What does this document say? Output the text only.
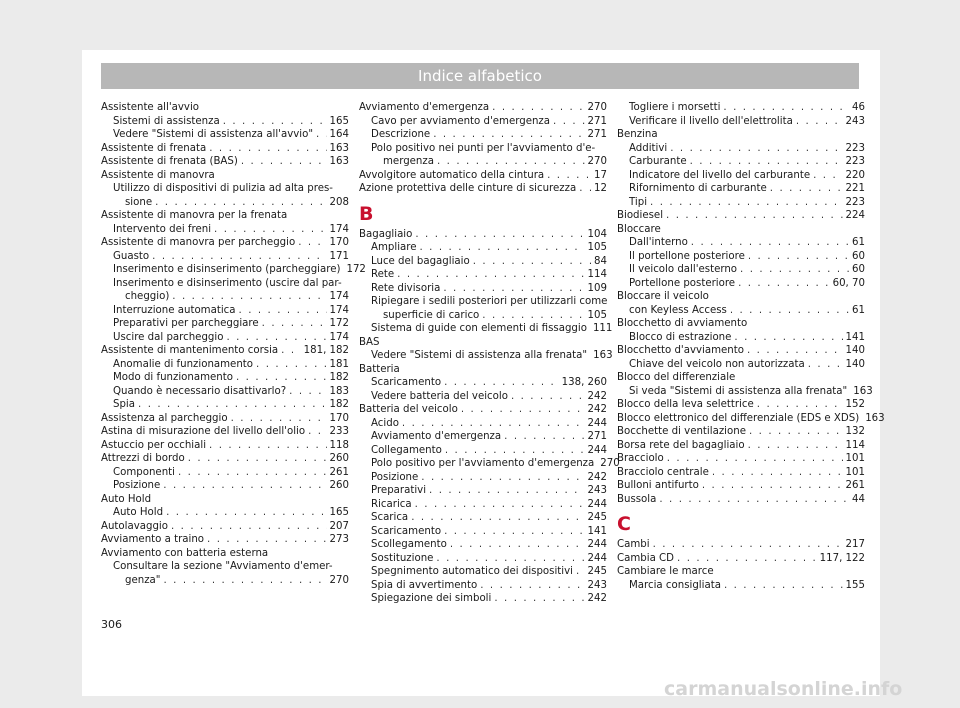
Indice alfabetico
Assistente all'avvio
Sistemi di assistenza . . .	165
Vedere "Sistemi di assistenza all'avvio" . . . 164
Assistente di frenata . . .	163
Assistente di frenata (BAS) . . .	163
Assistente di manovra
Utilizzo di dispositivi di pulizia ad alta pres-
sione . . .	208
Assistente di manovra per la frenata
Intervento dei freni . . .	174
Assistente di manovra per parcheggio . . .	170
Guasto . . .	171
Inserimento e disinserimento (parcheggiare) 172
Inserimento e disinserimento (uscire dal par-
cheggio) . . .	174
Interruzione automatica . . .	174
Preparativi per parcheggiare . . .	172
Uscire dal parcheggio . . .	174
Assistente di mantenimento corsia . . . 181, 182
Anomalie di funzionamento . . .	181
Modo di funzionamento . . .	182
Quando è necessario disattivarlo? . . .	183
Spia . . .	182
Assistenza al parcheggio . . .	170
Astina di misurazione del livello dell'olio . . . 233
Astuccio per occhiali . . .	118
Attrezzi di bordo . . .	260
Componenti . . .	261
Posizione . . .	260
Auto Hold
Auto Hold . . .	165
Autolavaggio . . .	207
Avviamento a traino . . .	273
Avviamento con batteria esterna
Consultare la sezione "Avviamento d'emer-
genza" . . .	270
Avviamento d'emergenza . . .	270
Cavo per avviamento d'emergenza . . .	271
Descrizione . . .	271
Polo positivo nei punti per l'avviamento d'e-
mergenza . . .	270
Avvolgitore automatico della cintura . . .	17
Azione protettiva delle cinture di sicurezza . . . 12
B
Bagagliaio . . .	104
Ampliare . . .	105
Luce del bagagliaio . . .	84
Rete . . .	114
Rete divisoria . . .	109
Ripiegare i sedili posteriori per utilizzarli come
superficie di carico . . .	105
Sistema di guide con elementi di fissaggio 111
BAS
Vedere "Sistemi di assistenza alla frenata" 163
Batteria
Scaricamento . . .	138, 260
Vedere batteria del veicolo . . .	242
Batteria del veicolo . . .	242
Acido . . .	244
Avviamento d'emergenza . . .	271
Collegamento . . .	244
Polo positivo per l'avviamento d'emergenza 270
Posizione . . .	242
Preparativi . . .	243
Ricarica . . .	244
Scarica . . .	245
Scaricamento . . .	141
Scollegamento . . .	244
Sostituzione . . .	244
Spegnimento automatico dei dispositivi . . . 245
Spia di avvertimento . . .	243
Spiegazione dei simboli . . .	242
Togliere i morsetti . . .	46
Verificare il livello dell'elettrolita . . .	243
Benzina
Additivi . . .	223
Carburante . . .	223
Indicatore del livello del carburante . . .	220
Rifornimento di carburante . . .	221
Tipi . . .	223
Biodiesel . . .	224
Bloccare
Dall'interno . . .	61
Il portellone posteriore . . .	60
Il veicolo dall'esterno . . .	60
Portellone posteriore . . .	60, 70
Bloccare il veicolo
con Keyless Access . . .	61
Blocchetto di avviamento
Blocco di estrazione . . .	141
Blocchetto d'avviamento . . .	140
Chiave del veicolo non autorizzata . . .	140
Blocco del differenziale
Si veda "Sistemi di assistenza alla frenata" 163
Blocco della leva selettrice . . .	152
Blocco elettronico del differenziale (EDS e XDS) 163
Bocchette di ventilazione . . .	132
Borsa rete del bagagliaio . . .	114
Bracciolo . . .	101
Bracciolo centrale . . .	101
Bulloni antifurto . . .	261
Bussola . . .	44
C
Cambi . . .	217
Cambia CD . . .	117, 122
Cambiare le marce
Marcia consigliata . . .	155
306
carmanualsonline.info
